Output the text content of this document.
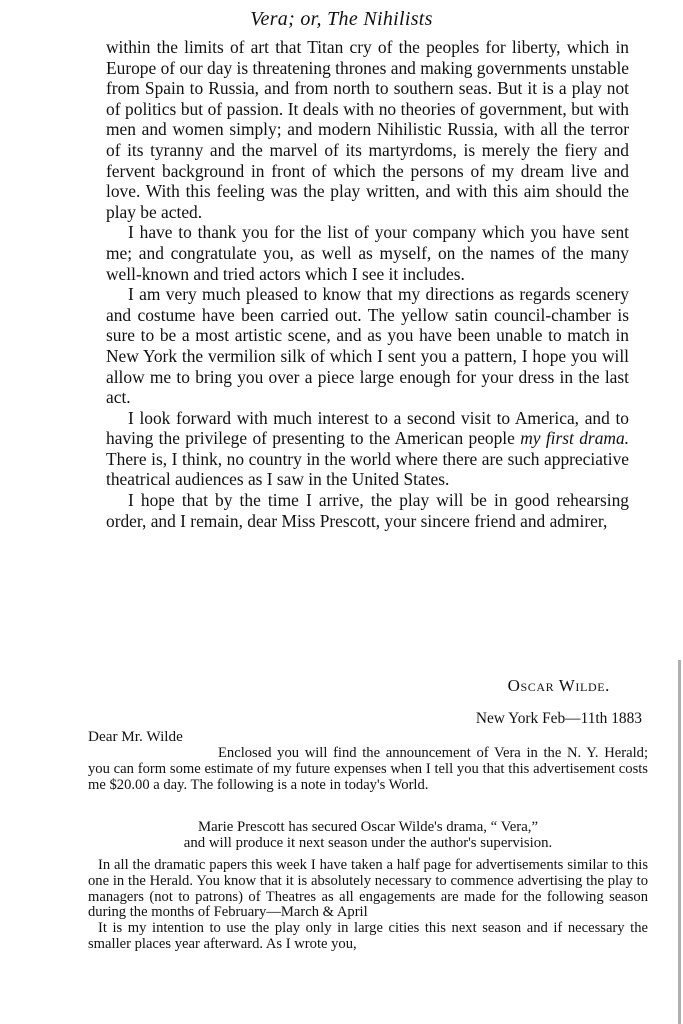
Vera; or, The Nihilists

within the limits of art that Titan cry of the peoples for liberty, which in Europe of our day is threatening thrones and making governments unstable from Spain to Russia, and from north to southern seas. But it is a play not of politics but of passion. It deals with no theories of government, but with men and women simply; and modern Nihilistic Russia, with all the terror of its tyranny and the marvel of its martyrdoms, is merely the fiery and fervent background in front of which the persons of my dream live and love. With this feeling was the play written, and with this aim should the play be acted.

I have to thank you for the list of your company which you have sent me; and congratulate you, as well as myself, on the names of the many well-known and tried actors which I see it includes.

I am very much pleased to know that my directions as regards scenery and costume have been carried out. The yellow satin council-chamber is sure to be a most artistic scene, and as you have been unable to match in New York the vermilion silk of which I sent you a pattern, I hope you will allow me to bring you over a piece large enough for your dress in the last act.

I look forward with much interest to a second visit to America, and to having the privilege of presenting to the American people my first drama. There is, I think, no country in the world where there are such appreciative theatrical audiences as I saw in the United States.

I hope that by the time I arrive, the play will be in good rehearsing order, and I remain, dear Miss Prescott, your sincere friend and admirer,

Oscar Wilde.
New York Feb—11th 1883
Dear Mr. Wilde

Enclosed you will find the announcement of Vera in the N. Y. Herald; you can form some estimate of my future expenses when I tell you that this advertisement costs me $20.00 a day. The following is a note in today's World.

Marie Prescott has secured Oscar Wilde's drama, “ Vera,”
and will produce it next season under the author's supervision.

In all the dramatic papers this week I have taken a half page for advertisements similar to this one in the Herald. You know that it is absolutely necessary to commence advertising the play to managers (not to patrons) of Theatres as all engagements are made for the following season during the months of February—March & April

It is my intention to use the play only in large cities this next season and if necessary the smaller places year afterward. As I wrote you,
